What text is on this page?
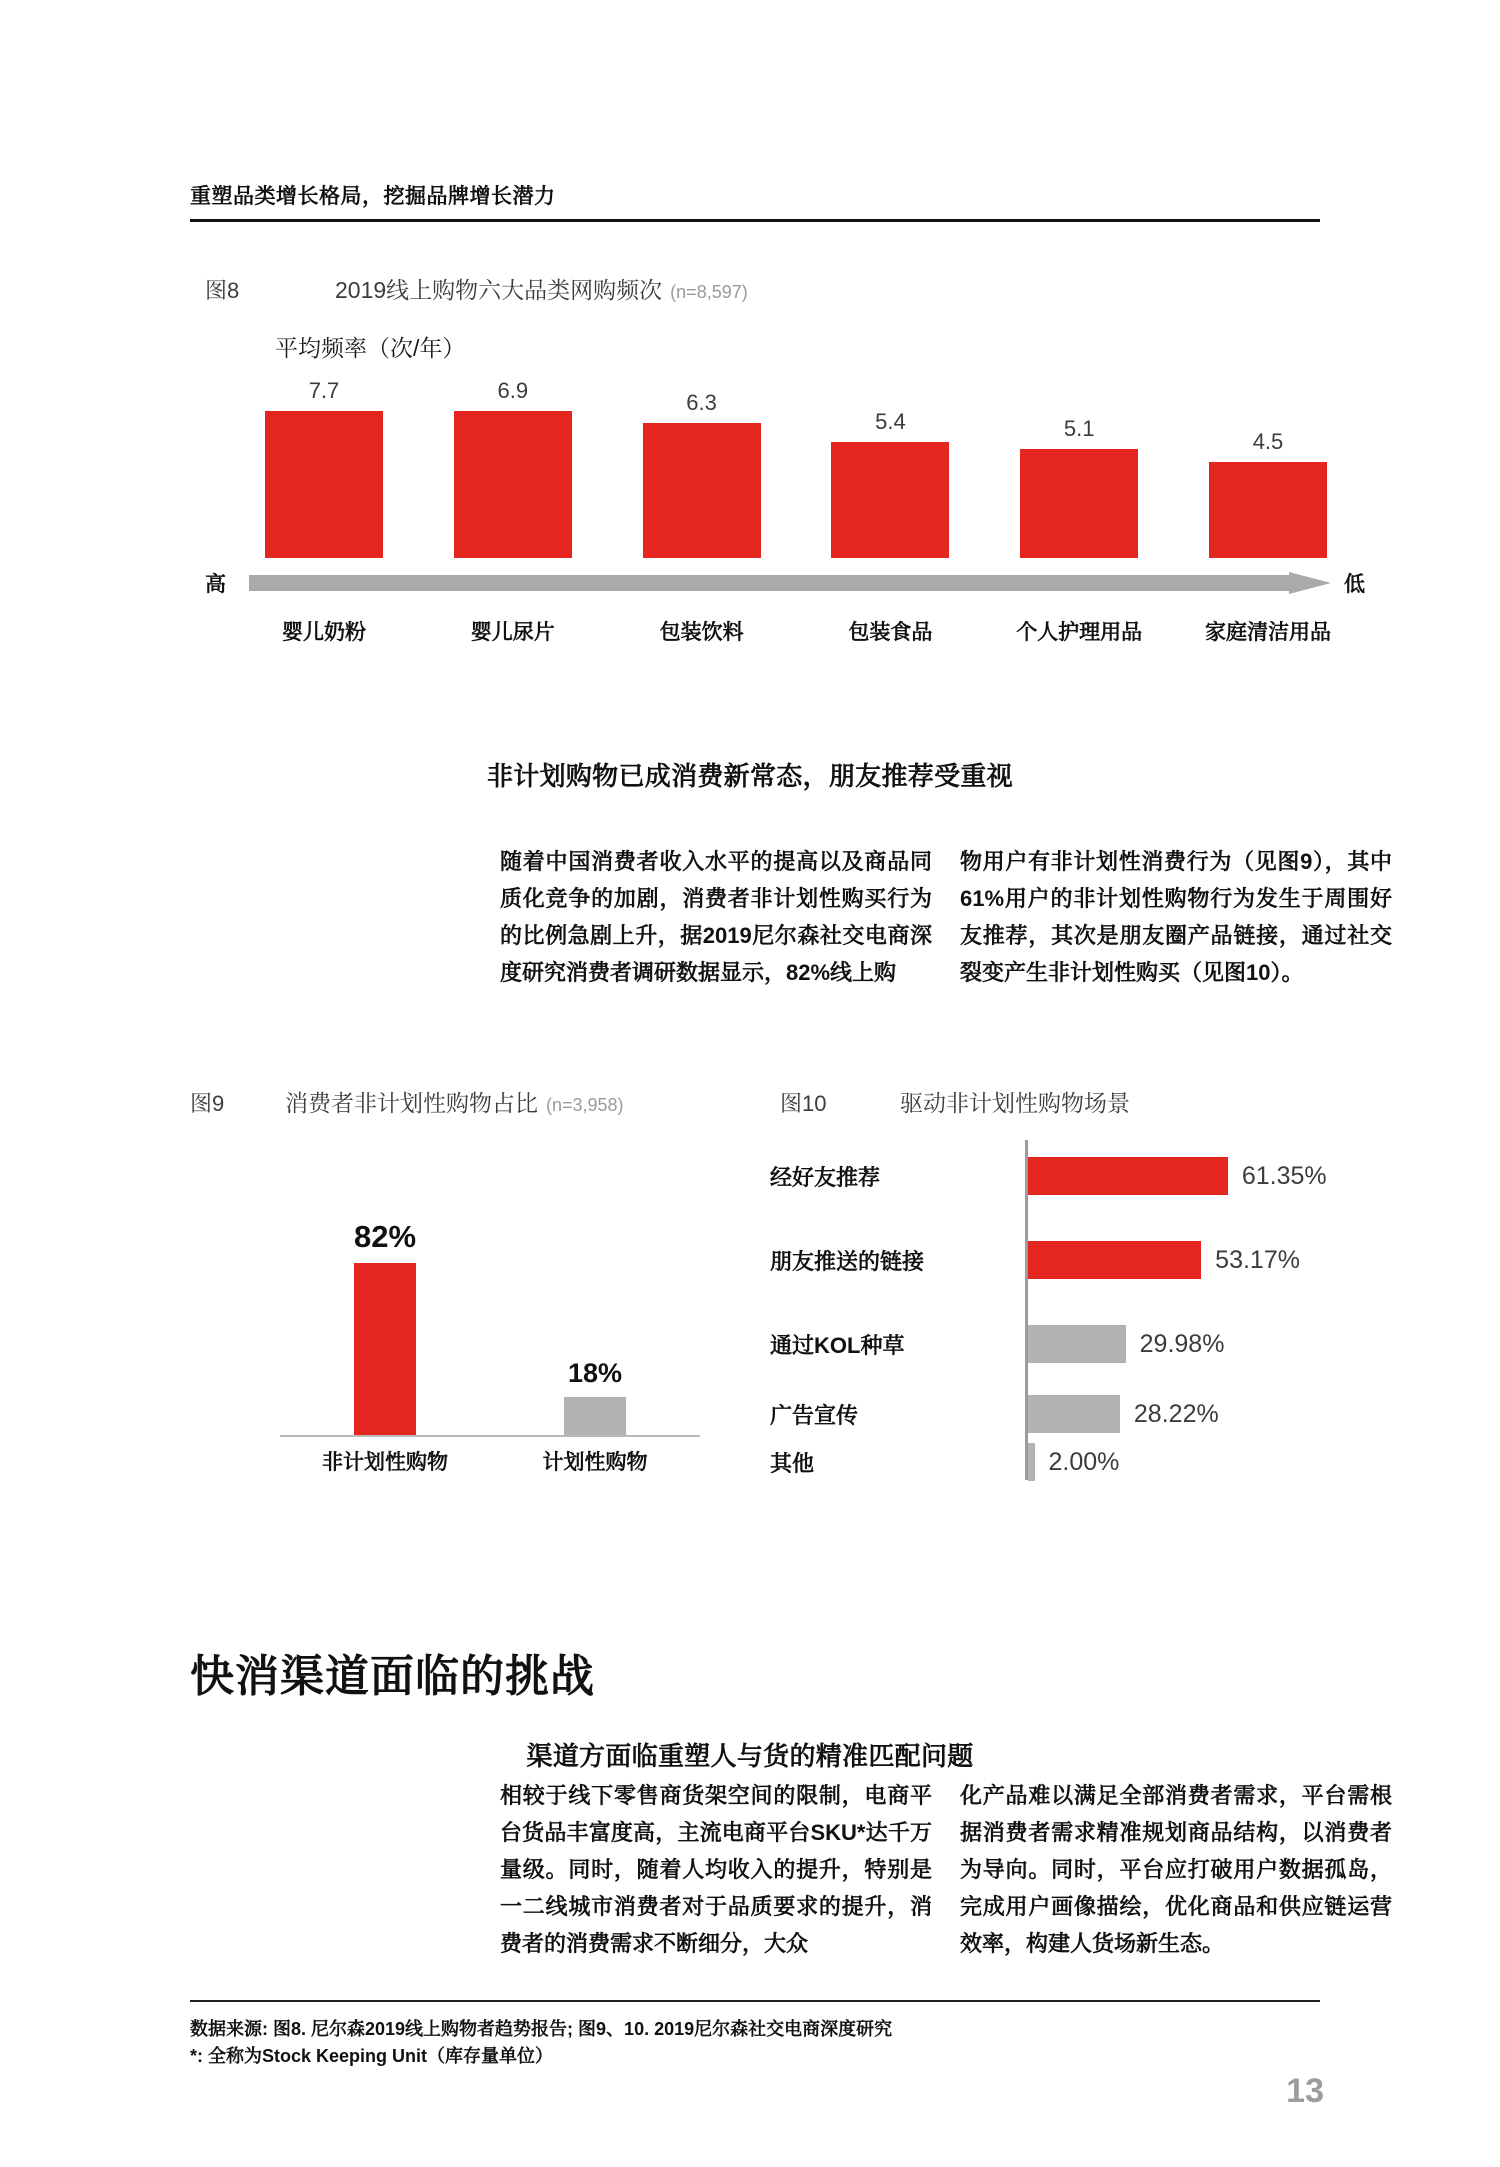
重塑品类增长格局，挖掘品牌增长潜力
图8	2019线上购物六大品类网购频次 (n=8,597)
平均频率（次/年）
7.7	6.9	6.3
5.4	5.1
4.5
高	低
婴儿奶粉	婴儿尿片	包装饮料	包装食品	个人护理用品	家庭清洁用品
非计划购物已成消费新常态，朋友推荐受重视
随着中国消费者收入水平的提高以及商品同质化竞争的加剧，消费者非计划性购买行为的比例急剧上升，据2019尼尔森社交电商深度研究消费者调研数据显示，82%线上购
物用户有非计划性消费行为（见图9），其中61%用户的非计划性购物行为发生于周围好友推荐，其次是朋友圈产品链接，通过社交裂变产生非计划性购买（见图10）。
图9	消费者非计划性购物占比 (n=3,958)
82%
18%
非计划性购物	计划性购物
图10	驱动非计划性购物场景
经好友推荐	61.35%
朋友推送的链接	53.17%
通过KOL种草	29.98%
广告宣传	28.22%
其他	2.00%
快消渠道面临的挑战
渠道方面临重塑人与货的精准匹配问题
相较于线下零售商货架空间的限制，电商平台货品丰富度高，主流电商平台SKU*达千万量级。同时，随着人均收入的提升，特别是一二线城市消费者对于品质要求的提升，消费者的消费需求不断细分，大众
化产品难以满足全部消费者需求，平台需根据消费者需求精准规划商品结构，以消费者为导向。同时，平台应打破用户数据孤岛，完成用户画像描绘，优化商品和供应链运营效率，构建人货场新生态。
数据来源: 图8. 尼尔森2019线上购物者趋势报告; 图9、10. 2019尼尔森社交电商深度研究
*: 全称为Stock Keeping Unit（库存量单位）
13
